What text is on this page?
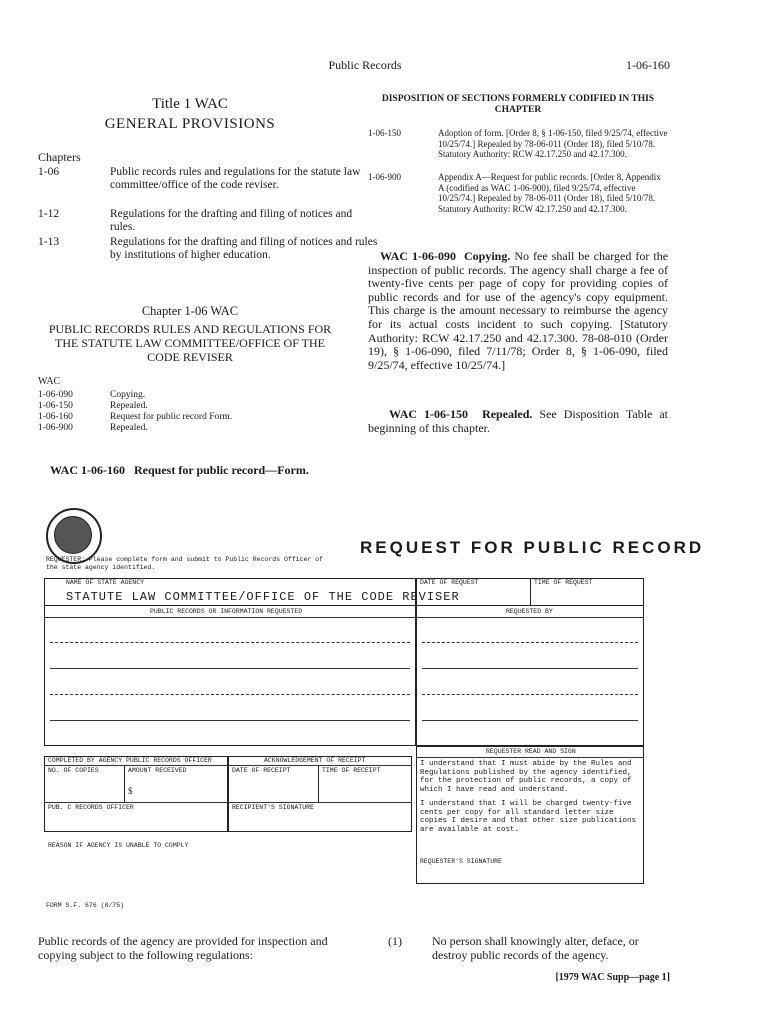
Public Records	1-06-160
Title 1 WAC
GENERAL PROVISIONS
Chapters
1-06	Public records rules and regulations for the statute law committee/office of the code reviser.
1-12	Regulations for the drafting and filing of notices and rules.
1-13	Regulations for the drafting and filing of notices and rules by institutions of higher education.
Chapter 1-06 WAC
PUBLIC RECORDS RULES AND REGULATIONS FOR THE STATUTE LAW COMMITTEE/OFFICE OF THE CODE REVISER
WAC
1-06-090	Copying.
1-06-150	Repealed.
1-06-160	Request for public record Form.
1-06-900	Repealed.
WAC 1-06-160 Request for public record—Form.
DISPOSITION OF SECTIONS FORMERLY CODIFIED IN THIS CHAPTER
1-06-150	Adoption of form. [Order 8, § 1-06-150, filed 9/25/74, effective 10/25/74.] Repealed by 78-06-011 (Order 18), filed 5/10/78. Statutory Authority: RCW 42.17.250 and 42.17.300.
1-06-900	Appendix A—Request for public records. [Order 8, Appendix A (codified as WAC 1-06-900), filed 9/25/74, effective 10/25/74.] Repealed by 78-06-011 (Order 18), filed 5/10/78. Statutory Authority: RCW 42.17.250 and 42.17.300.
WAC 1-06-090 Copying. No fee shall be charged for the inspection of public records. The agency shall charge a fee of twenty-five cents per page of copy for providing copies of public records and for use of the agency's copy equipment. This charge is the amount necessary to reimburse the agency for its actual costs incident to such copying. [Statutory Authority: RCW 42.17.250 and 42.17.300. 78-08-010 (Order 19), § 1-06-090, filed 7/11/78; Order 8, § 1-06-090, filed 9/25/74, effective 10/25/74.]
WAC 1-06-150 Repealed. See Disposition Table at beginning of this chapter.
REQUEST FOR PUBLIC RECORD
REQUESTER: Please complete form and submit to Public Records Officer of the state agency identified.
NAME OF STATE AGENCY
STATUTE LAW COMMITTEE/OFFICE OF THE CODE REVISER
DATE OF REQUEST	TIME OF REQUEST
PUBLIC RECORDS OR INFORMATION REQUESTED	REQUESTED BY
COMPLETED BY AGENCY PUBLIC RECORDS OFFICER
NO. OF COPIES	AMOUNT RECEIVED
$
PUB. C RECORDS OFFICER
ACKNOWLEDGEMENT OF RECEIPT
DATE OF RECEIPT	TIME OF RECEIPT
RECIPIENT'S SIGNATURE
REASON IF AGENCY IS UNABLE TO COMPLY
REQUESTER READ AND SIGN
I understand that I must abide by the Rules and Regulations published by the agency identified, for the protection of public records, a copy of which I have read and understand.
I understand that I will be charged twenty-five cents per copy for all standard letter size copies I desire and that other size publications are available at cost.
REQUESTER'S SIGNATURE
FORM S.F. 676 (8/75)
Public records of the agency are provided for inspection and copying subject to the following regulations:
(1)	No person shall knowingly alter, deface, or destroy public records of the agency.
[1979 WAC Supp—page 1]
